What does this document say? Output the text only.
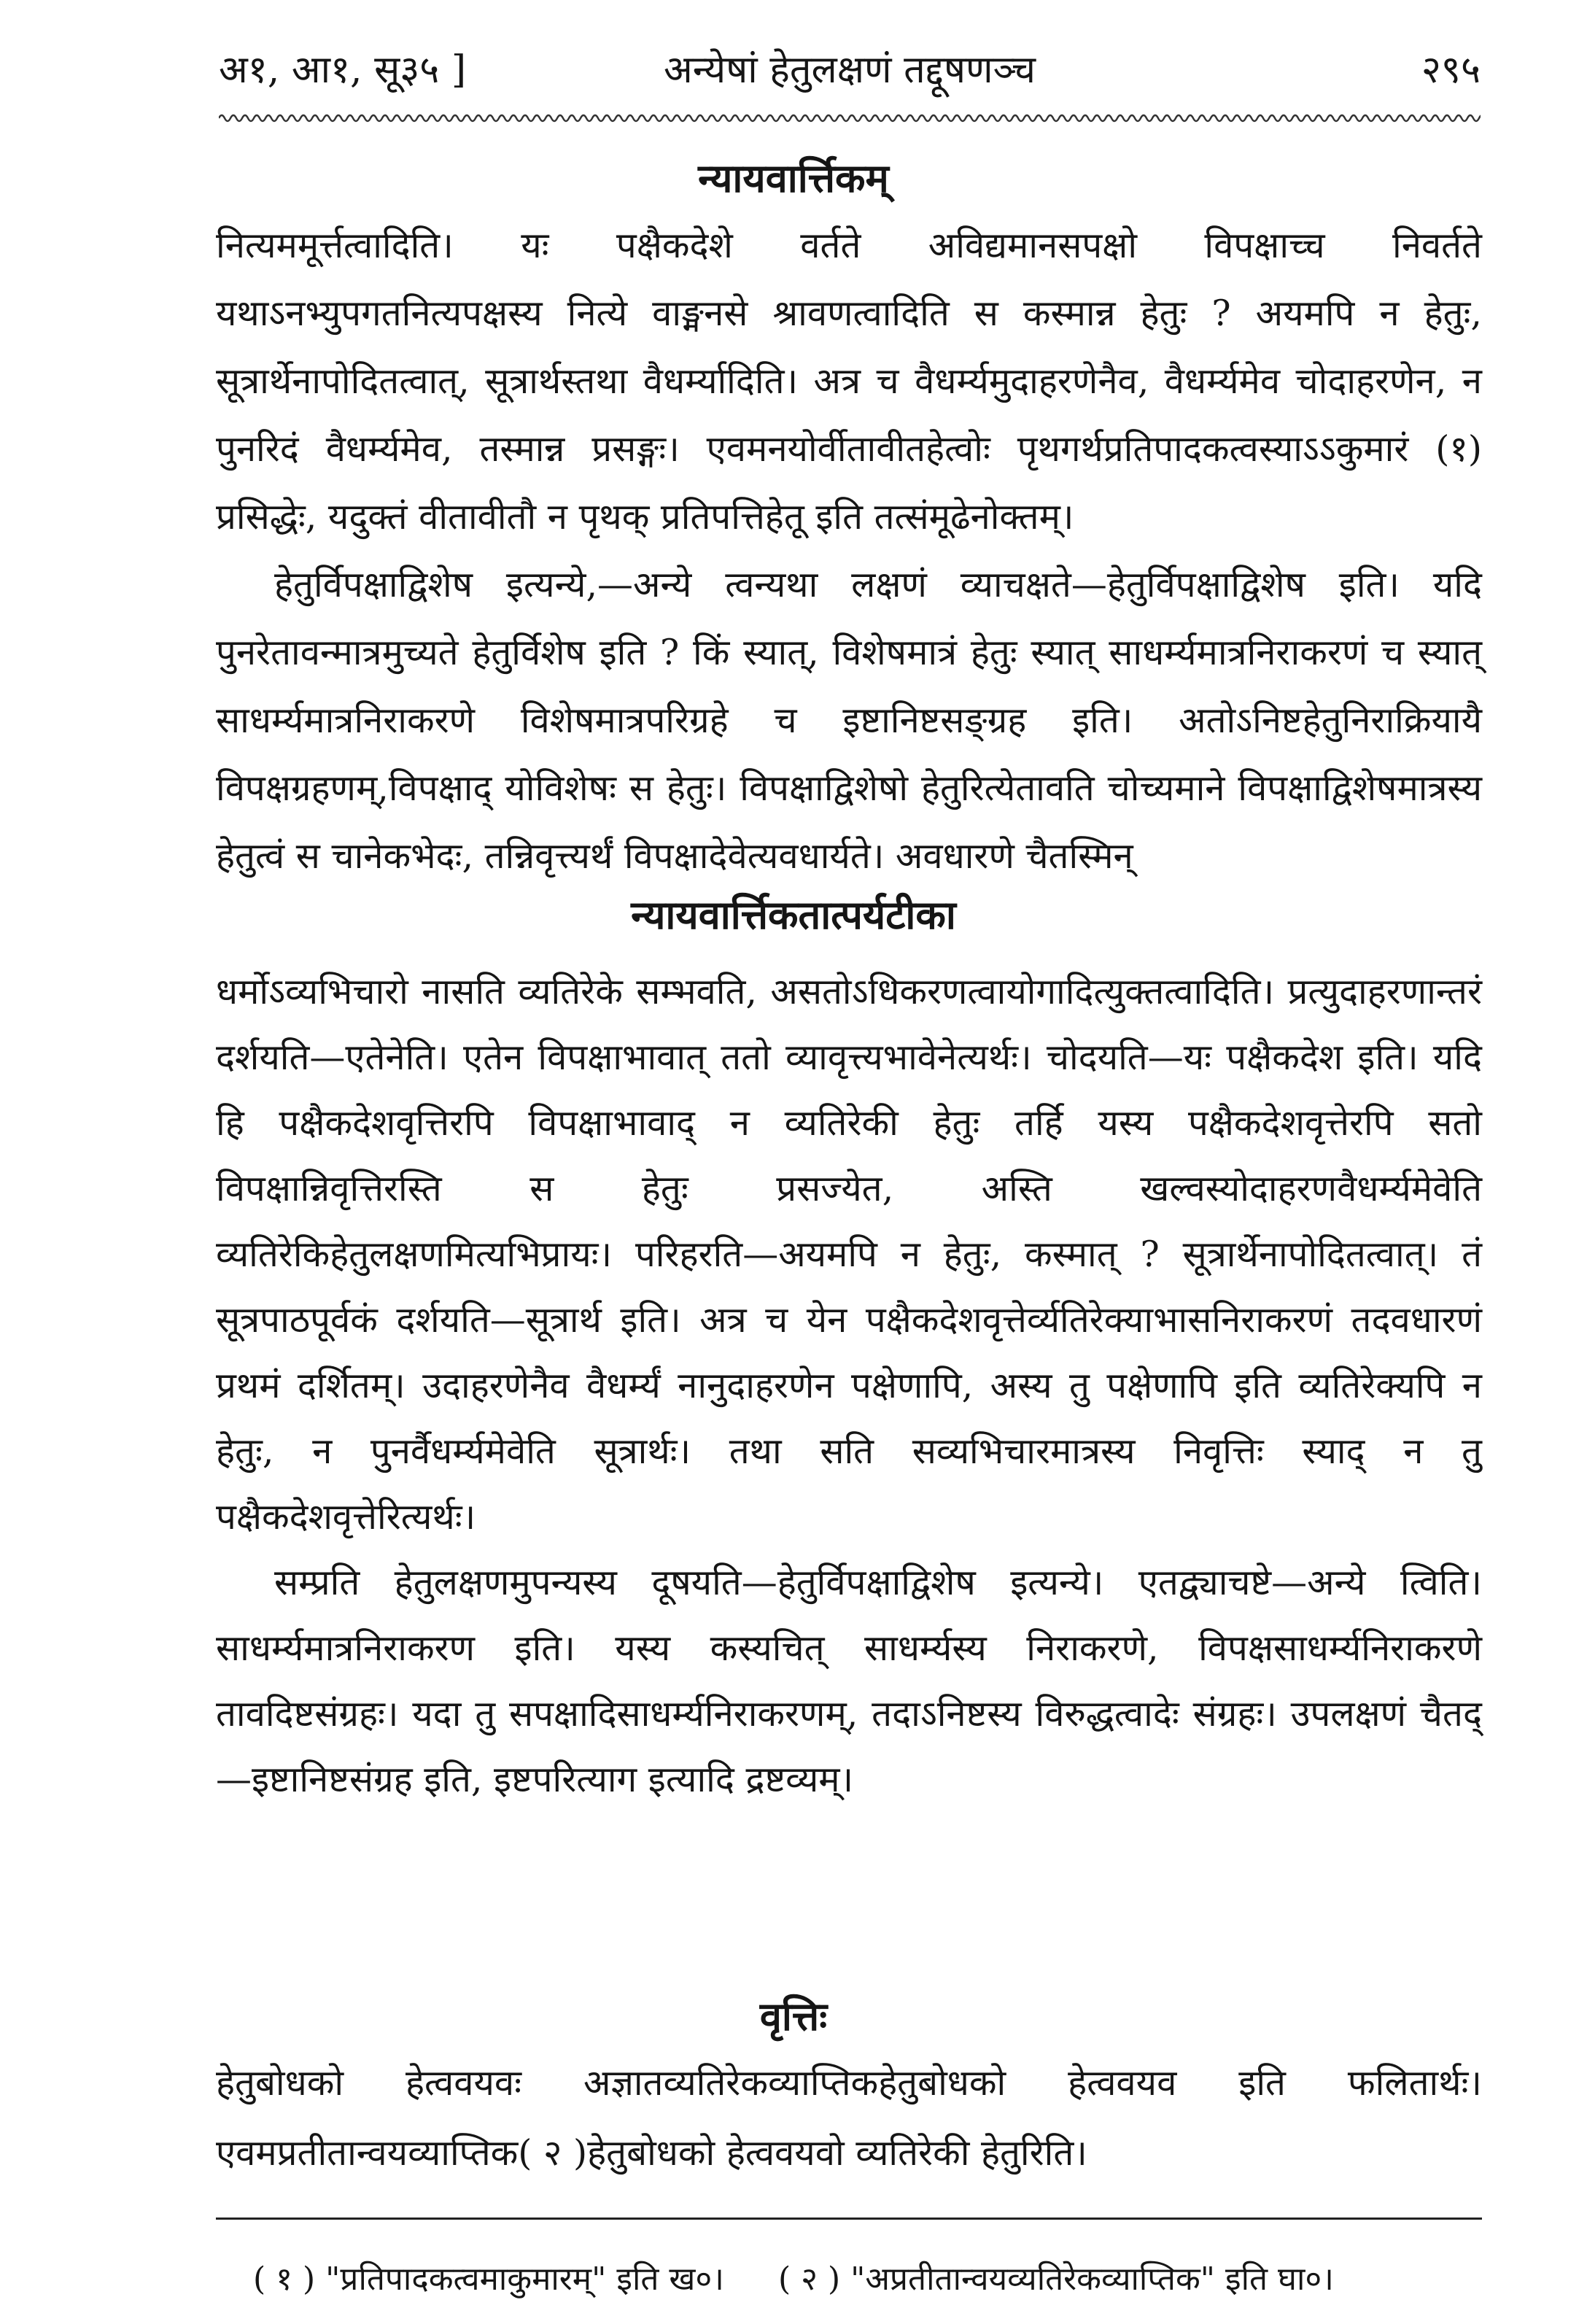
अ१, आ१, सू३५ ]	अन्येषां हेतुलक्षणं तद्दूषणञ्च	२९५
न्यायवार्त्तिकम्

नित्यममूर्त्तत्वादिति। यः पक्षैकदेशे वर्तते अविद्यमानसपक्षो विपक्षाच्च निवर्तते यथाऽनभ्युपगतनित्यपक्षस्य नित्ये वाङ्मनसे श्रावणत्वादिति स कस्मान्न हेतुः ? अयमपि न हेतुः, सूत्रार्थेनापोदितत्वात्, सूत्रार्थस्तथा वैधर्म्यादिति। अत्र च वैधर्म्यमुदाहरणेनैव, वैधर्म्यमेव चोदाहरणेन, न पुनरिदं वैधर्म्यमेव, तस्मान्न प्रसङ्गः। एवमनयोर्वीतावीतहेत्वोः पृथगर्थप्रतिपादकत्वस्याऽऽकुमारं (१) प्रसिद्धेः, यदुक्तं वीतावीतौ न पृथक् प्रतिपत्तिहेतू इति तत्संमूढेनोक्तम्।

हेतुर्विपक्षाद्विशेष इत्यन्ये,—अन्ये त्वन्यथा लक्षणं व्याचक्षते—हेतुर्विपक्षाद्विशेष इति। यदि पुनरेतावन्मात्रमुच्यते हेतुर्विशेष इति ? किं स्यात्, विशेषमात्रं हेतुः स्यात् साधर्म्यमात्रनिराकरणं च स्यात् साधर्म्यमात्रनिराकरणे विशेषमात्रपरिग्रहे च इष्टानिष्टसङ्ग्रह इति। अतोऽनिष्टहेतुनिराक्रियायै विपक्षग्रहणम्,विपक्षाद् योविशेषः स हेतुः। विपक्षाद्विशेषो हेतुरित्येतावति चोच्यमाने विपक्षाद्विशेषमात्रस्य हेतुत्वं स चानेकभेदः, तन्निवृत्त्यर्थं विपक्षादेवेत्यवधार्यते। अवधारणे चैतस्मिन्

न्यायवार्त्तिकतात्पर्यटीका

धर्मोऽव्यभिचारो नासति व्यतिरेके सम्भवति, असतोऽधिकरणत्वायोगादित्युक्तत्वादिति। प्रत्युदाहरणान्तरं दर्शयति—एतेनेति। एतेन विपक्षाभावात् ततो व्यावृत्त्यभावेनेत्यर्थः। चोदयति—यः पक्षैकदेश इति। यदि हि पक्षैकदेशवृत्तिरपि विपक्षाभावाद् न व्यतिरेकी हेतुः तर्हि यस्य पक्षैकदेशवृत्तेरपि सतो विपक्षान्निवृत्तिरस्ति स हेतुः प्रसज्येत, अस्ति खल्वस्योदाहरणवैधर्म्यमेवेति व्यतिरेकिहेतुलक्षणमित्यभिप्रायः। परिहरति—अयमपि न हेतुः, कस्मात् ? सूत्रार्थेनापोदितत्वात्। तं सूत्रपाठपूर्वकं दर्शयति—सूत्रार्थ इति। अत्र च येन पक्षैकदेशवृत्तेर्व्यतिरेक्याभासनिराकरणं तदवधारणं प्रथमं दर्शितम्। उदाहरणेनैव वैधर्म्यं नानुदाहरणेन पक्षेणापि, अस्य तु पक्षेणापि इति व्यतिरेक्यपि न हेतुः, न पुनर्वैधर्म्यमेवेति सूत्रार्थः। तथा सति सव्यभिचारमात्रस्य निवृत्तिः स्याद् न तु पक्षैकदेशवृत्तेरित्यर्थः।

सम्प्रति हेतुलक्षणमुपन्यस्य दूषयति—हेतुर्विपक्षाद्विशेष इत्यन्ये। एतद्व्याचष्टे—अन्ये त्विति। साधर्म्यमात्रनिराकरण इति। यस्य कस्यचित् साधर्म्यस्य निराकरणे, विपक्षसाधर्म्यनिराकरणे तावदिष्टसंग्रहः। यदा तु सपक्षादिसाधर्म्यनिराकरणम्, तदाऽनिष्टस्य विरुद्धत्वादेः संग्रहः। उपलक्षणं चैतद्—इष्टानिष्टसंग्रह इति, इष्टपरित्याग इत्यादि द्रष्टव्यम्।

वृत्तिः

हेतुबोधको हेत्ववयवः अज्ञातव्यतिरेकव्याप्तिकहेतुबोधको हेत्ववयव इति फलितार्थः। एवमप्रतीतान्वयव्याप्तिक( २ )हेतुबोधको हेत्ववयवो व्यतिरेकी हेतुरिति।

( १ ) "प्रतिपादकत्वमाकुमारम्" इति ख०। ( २ ) "अप्रतीतान्वयव्यतिरेकव्याप्तिक" इति घा०।
